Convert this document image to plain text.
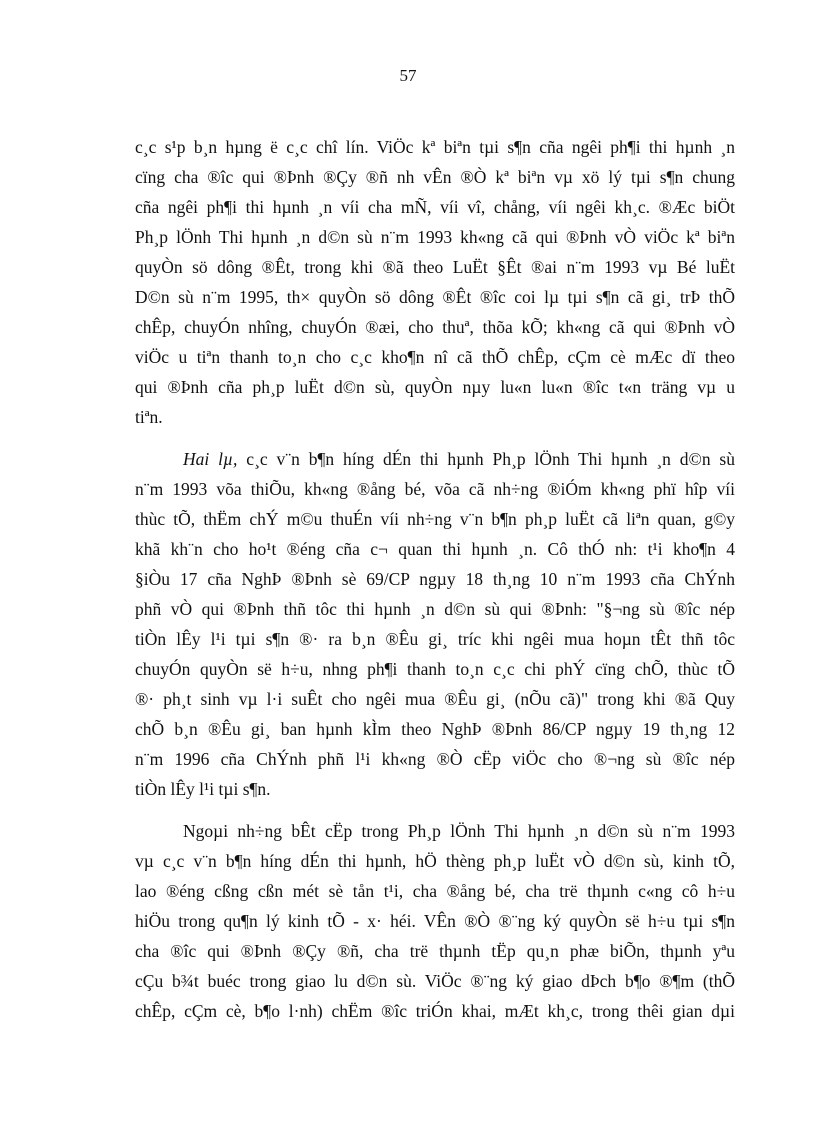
57
c¸c s¹p b¸n hµng ë c¸c chî lín. ViÖc kª biªn tµi s¶n cña ngêi ph¶i thi hµnh ¸n
cïng cha ®îc qui ®Þnh ®Çy ®ñ nh vÊn ®Ò kª biªn vµ xö lý tµi s¶n chung
cña ngêi ph¶i thi hµnh ¸n víi cha mÑ, víi vî, chång, víi ngêi kh¸c. ®Æc biÖt
Ph¸p lÖnh Thi hµnh ¸n d©n sù n¨m 1993 kh«ng cã qui ®Þnh vÒ viÖc kª biªn
quyÒn sö dông ®Êt, trong khi ®ã theo LuËt §Êt ®ai n¨m 1993 vµ Bé luËt
D©n sù n¨m 1995, th× quyÒn sö dông ®Êt ®îc coi lµ tµi s¶n cã gi¸ trÞ thÕ
chÊp, chuyÓn nhîng, chuyÓn ®æi, cho thuª, thõa kÕ; kh«ng cã qui ®Þnh vÒ
viÖc u tiªn thanh to¸n cho c¸c kho¶n nî cã thÕ chÊp, cÇm cè mÆc dï theo
qui ®Þnh cña ph¸p luËt d©n sù, quyÒn nµy lu«n lu«n ®îc t«n träng vµ u
tiªn.
Hai lµ, c¸c v¨n b¶n híng dÉn thi hµnh Ph¸p lÖnh Thi hµnh ¸n d©n sù
n¨m 1993 võa thiÕu, kh«ng ®ång bé, võa cã nh÷ng ®iÓm kh«ng phï hîp víi
thùc tÕ, thËm chÝ m©u thuÉn víi nh÷ng v¨n b¶n ph¸p luËt cã liªn quan, g©y
khã kh¨n cho ho¹t ®éng cña c¬ quan thi hµnh ¸n. Cô thÓ nh: t¹i kho¶n 4
§iÒu 17 cña NghÞ ®Þnh sè 69/CP ngµy 18 th¸ng 10 n¨m 1993 cña ChÝnh
phñ vÒ qui ®Þnh thñ tôc thi hµnh ¸n d©n sù qui ®Þnh: "§¬ng sù ®îc nép
tiÒn lÊy l¹i tµi s¶n ®· ra b¸n ®Êu gi¸ tríc khi ngêi mua hoµn tÊt thñ tôc
chuyÓn quyÒn së h÷u, nhng ph¶i thanh to¸n c¸c chi phÝ cïng chÕ, thùc tÕ
®· ph¸t sinh vµ l·i suÊt cho ngêi mua ®Êu gi¸ (nÕu cã)" trong khi ®ã Quy
chÕ b¸n ®Êu gi¸ ban hµnh kÌm theo NghÞ ®Þnh 86/CP ngµy 19 th¸ng 12
n¨m 1996 cña ChÝnh phñ l¹i kh«ng ®Ò cËp viÖc cho ®¬ng sù ®îc nép
tiÒn lÊy l¹i tµi s¶n.
Ngoµi nh÷ng bÊt cËp trong Ph¸p lÖnh Thi hµnh ¸n d©n sù n¨m 1993
vµ c¸c v¨n b¶n híng dÉn thi hµnh, hÖ thèng ph¸p luËt vÒ d©n sù, kinh tÕ,
lao ®éng cßng cßn mét sè tån t¹i, cha ®ång bé, cha trë thµnh c«ng cô h÷u
hiÖu trong qu¶n lý kinh tÕ - x· héi. VÊn ®Ò ®¨ng ký quyÒn së h÷u tµi s¶n
cha ®îc qui ®Þnh ®Çy ®ñ, cha trë thµnh tËp qu¸n phæ biÕn, thµnh yªu
cÇu b¾t buéc trong giao lu d©n sù. ViÖc ®¨ng ký giao dÞch b¶o ®¶m (thÕ
chÊp, cÇm cè, b¶o l·nh) chËm ®îc triÓn khai, mÆt kh¸c, trong thêi gian dµi
